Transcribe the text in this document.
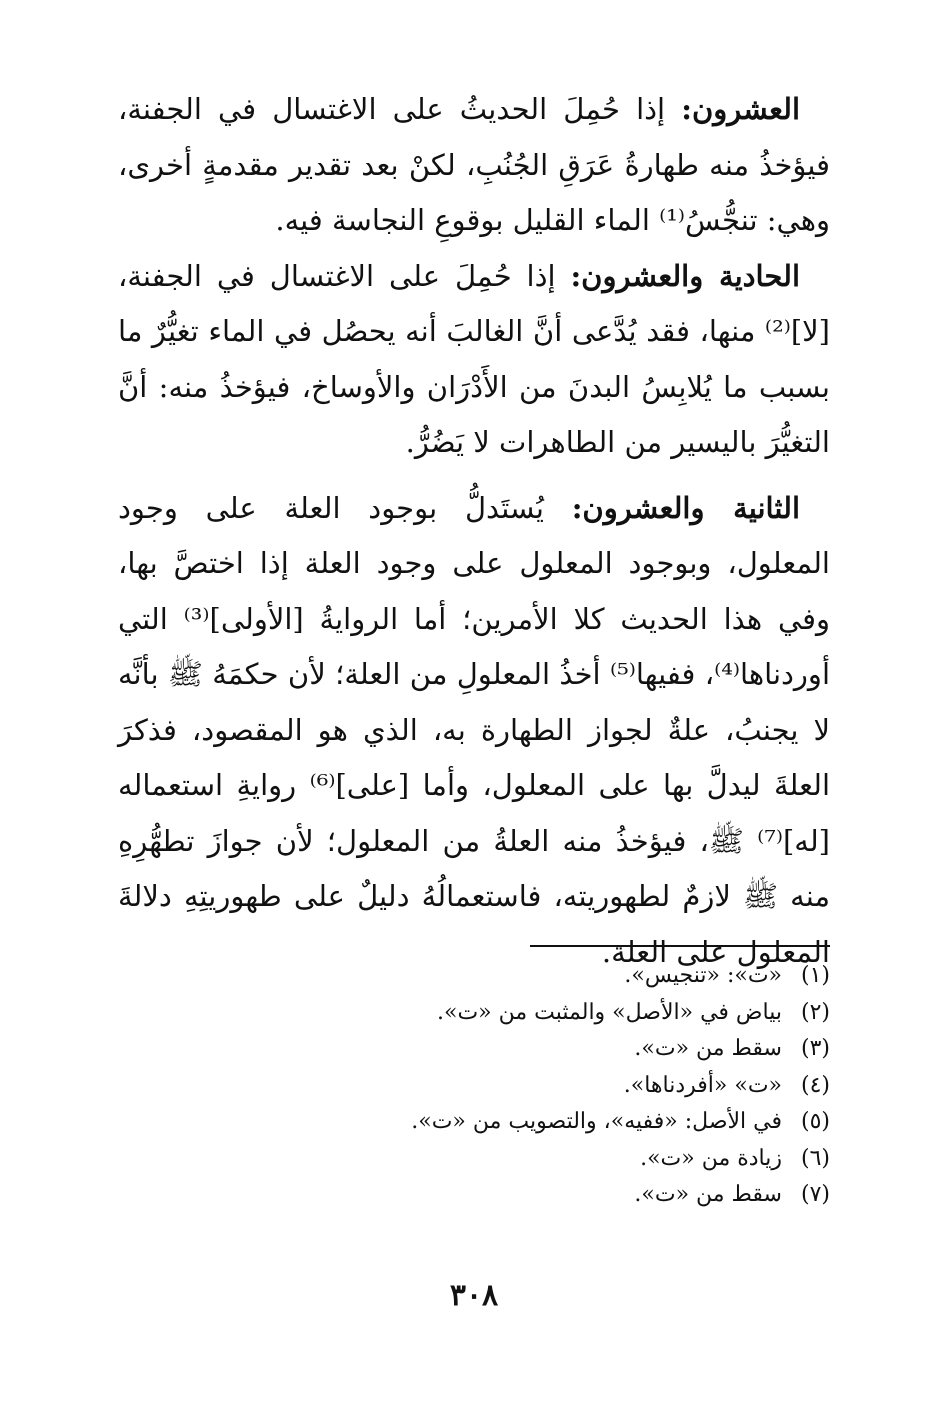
العشرون: إذا حُمِلَ الحديثُ على الاغتسال في الجفنة، فيؤخذُ منه طهارةُ عَرَقِ الجُنُبِ، لكنْ بعد تقدير مقدمةٍ أخرى، وهي: تنجُّسُ⁽¹⁾ الماء القليل بوقوعِ النجاسة فيه.

الحادية والعشرون: إذا حُمِلَ على الاغتسال في الجفنة، [لا]⁽²⁾ منها، فقد يُدَّعى أنَّ الغالبَ أنه يحصُل في الماء تغيُّرٌ ما بسبب ما يُلابِسُ البدنَ من الأَدْرَان والأوساخ، فيؤخذُ منه: أنَّ التغيُّرَ باليسير من الطاهرات لا يَضُرُّ.

الثانية والعشرون: يُستَدلُّ بوجود العلة على وجود المعلول، وبوجود المعلول على وجود العلة إذا اختصَّ بها، وفي هذا الحديث كلا الأمرين؛ أما الروايةُ [الأولى]⁽³⁾ التي أوردناها⁽⁴⁾، ففيها⁽⁵⁾ أخذُ المعلولِ من العلة؛ لأن حكمَهُ ﷺ بأنَّه لا يجنبُ، علةٌ لجواز الطهارة به، الذي هو المقصود، فذكرَ العلةَ ليدلَّ بها على المعلول، وأما [على]⁽⁶⁾ روايةِ استعماله [له]⁽⁷⁾ ﷺ، فيؤخذُ منه العلةُ من المعلول؛ لأن جوازَ تطهُّرِهِ منه ﷺ لازمٌ لطهوريته، فاستعمالُهُ دليلٌ على طهوريتِهِ دلالةَ المعلول على العلة.

(١)«ت»: «تنجيس».
(٢)بياض في «الأصل» والمثبت من «ت».
(٣)سقط من «ت».
(٤)«ت» «أفردناها».
(٥)في الأصل: «ففيه»، والتصويب من «ت».
(٦)زيادة من «ت».
(٧)سقط من «ت».
٣٠٨
